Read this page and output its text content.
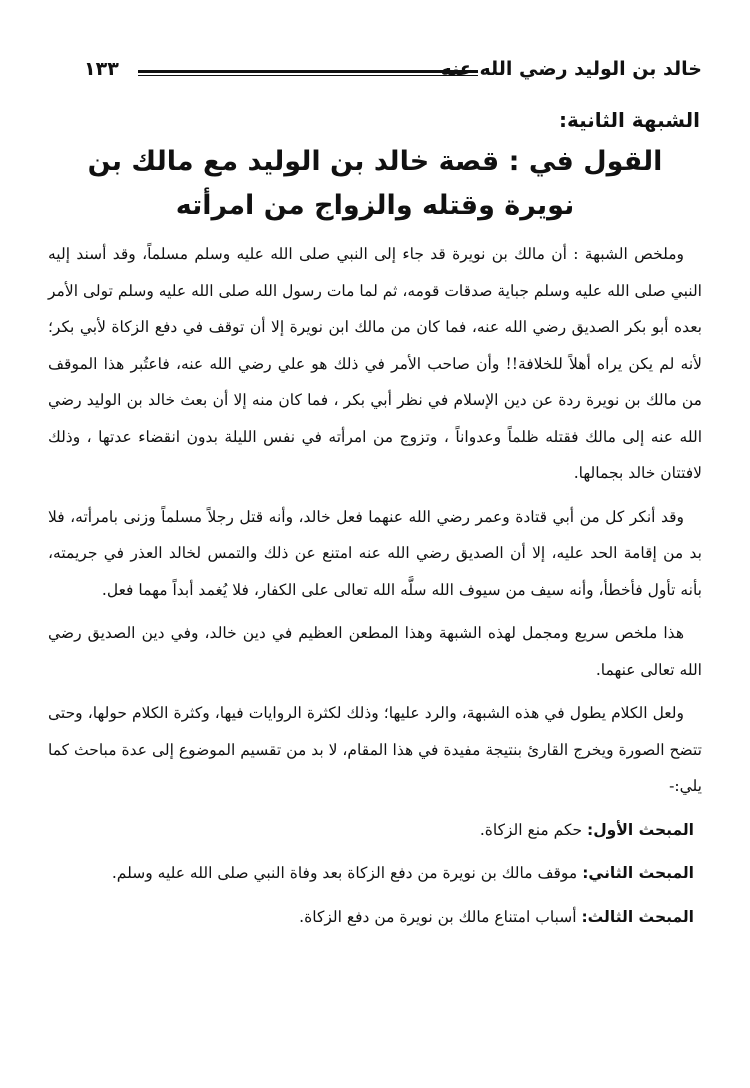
خالد بن الوليد رضي الله عنه
١٣٣
الشبهة الثانية:
القول في : قصة خالد بن الوليد مع مالك بن نويرة وقتله والزواج من امرأته

وملخص الشبهة : أن مالك بن نويرة قد جاء إلى النبي صلى الله عليه وسلم مسلماً، وقد أسند إليه النبي صلى الله عليه وسلم جباية صدقات قومه، ثم لما مات رسول الله صلى الله عليه وسلم تولى الأمر بعده أبو بكر الصديق رضي الله عنه، فما كان من مالك ابن نويرة إلا أن توقف في دفع الزكاة لأبي بكر؛ لأنه لم يكن يراه أهلاً للخلافة!! وأن صاحب الأمر في ذلك هو علي رضي الله عنه، فاعتُبر هذا الموقف من مالك بن نويرة ردة عن دين الإسلام في نظر أبي بكر ، فما كان منه إلا أن بعث خالد بن الوليد رضي الله عنه إلى مالك فقتله ظلماً وعدواناً ، وتزوج من امرأته في نفس الليلة بدون انقضاء عدتها ، وذلك لافتتان خالد بجمالها.

وقد أنكر كل من أبي قتادة وعمر رضي الله عنهما فعل خالد، وأنه قتل رجلاً مسلماً وزنى بامرأته، فلا بد من إقامة الحد عليه، إلا أن الصديق رضي الله عنه امتنع عن ذلك والتمس لخالد العذر في جريمته، بأنه تأول فأخطأ، وأنه سيف من سيوف الله سلَّه الله تعالى على الكفار، فلا يُغمد أبداً مهما فعل.

هذا ملخص سريع ومجمل لهذه الشبهة وهذا المطعن العظيم في دين خالد، وفي دين الصديق رضي الله تعالى عنهما.

ولعل الكلام يطول في هذه الشبهة، والرد عليها؛ وذلك لكثرة الروايات فيها، وكثرة الكلام حولها، وحتى تتضح الصورة ويخرج القارئ بنتيجة مفيدة في هذا المقام، لا بد من تقسيم الموضوع إلى عدة مباحث كما يلي:-

المبحث الأول: حكم منع الزكاة.

المبحث الثاني: موقف مالك بن نويرة من دفع الزكاة بعد وفاة النبي صلى الله عليه وسلم.

المبحث الثالث: أسباب امتناع مالك بن نويرة من دفع الزكاة.
